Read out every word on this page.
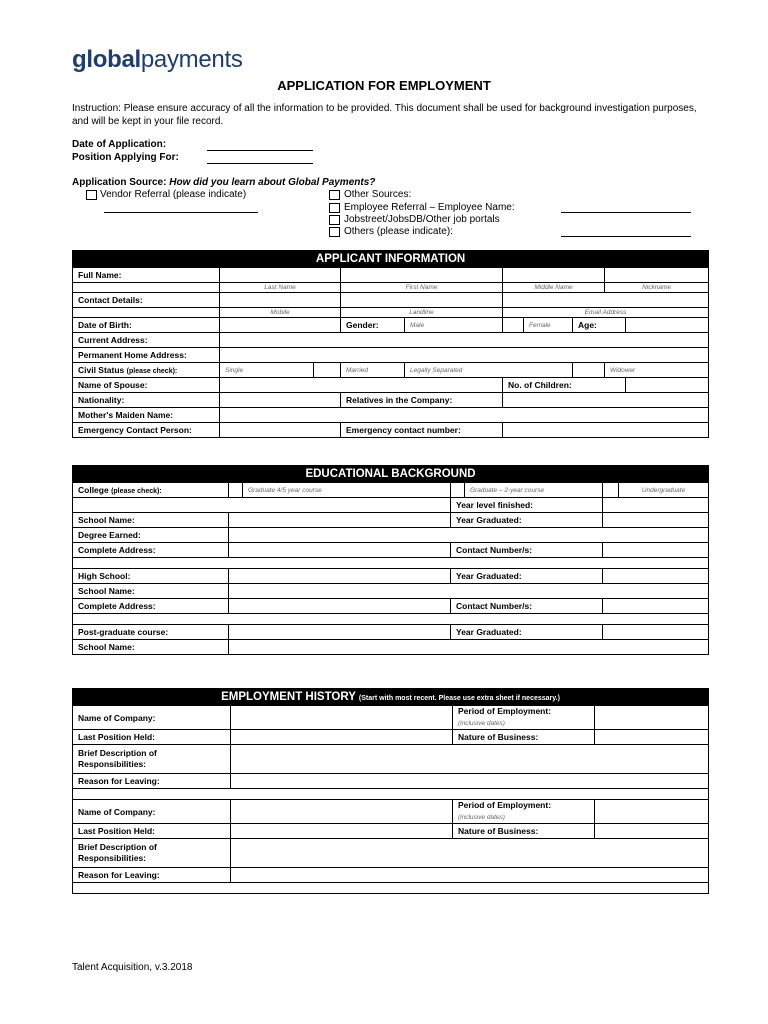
globalpayments
APPLICATION FOR EMPLOYMENT
Instruction: Please ensure accuracy of all the information to be provided. This document shall be used for background investigation purposes, and will be kept in your file record.
Date of Application:
Position Applying For:
Application Source: How did you learn about Global Payments?
Vendor Referral (please indicate)	Other Sources:
Employee Referral – Employee Name:
Jobstreet/JobsDB/Other job portals
Others (please indicate):
APPLICANT INFORMATION									
Full Name:									
	Last Name		First Name		Middle Name			Nickname	
Contact Details:									
	Mobile		Landline		Email Address				
Date of Birth:			Gender:	Male		Female	Age:		
Current Address:									
Permanent Home Address:									
Civil Status (please check):	Single		Married	Legally Separated				Widower	
Name of Spouse:					No. of Children:				
Nationality:			Relatives in the Company:						
Mother's Maiden Name:									
Emergency Contact Person:			Emergency contact number:						
EDUCATIONAL BACKGROUND						
College (please check):		Graduate 4/5 year course		Graduate – 2-year course		Undergraduate
			Year level finished:			
School Name:			Year Graduated:			
Degree Earned:						
Complete Address:			Contact Number/s:			

High School:			Year Graduated:			
School Name:						
Complete Address:			Contact Number/s:			

Post-graduate course:			Year Graduated:			
School Name:						
EMPLOYMENT HISTORY (Start with most recent. Please use extra sheet if necessary.)			
Name of Company:		Period of Employment:
(inclusive dates)	
Last Position Held:		Nature of Business:	
Brief Description of
Responsibilities:			
Reason for Leaving:			

Name of Company:		Period of Employment:
(inclusive dates)	
Last Position Held:		Nature of Business:	
Brief Description of
Responsibilities:			
Reason for Leaving:			

Talent Acquisition, v.3.2018
